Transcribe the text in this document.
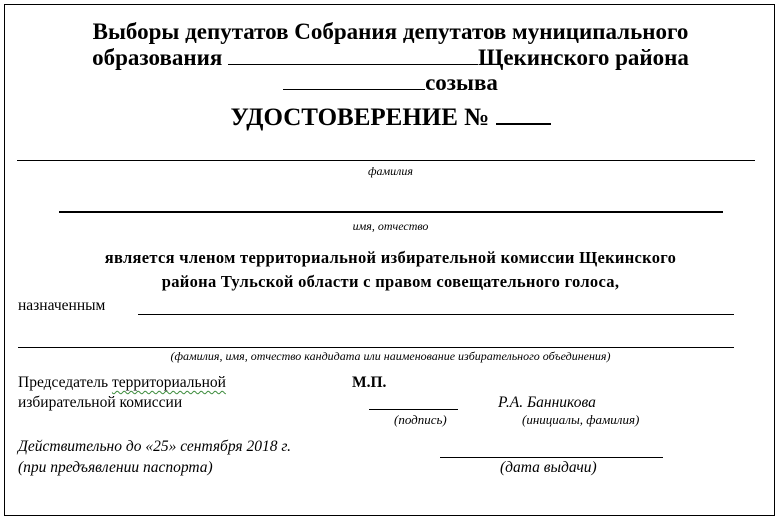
Выборы депутатов Собрания депутатов муниципального
образования	Щекинского района
созыва
УДОСТОВЕРЕНИЕ №
фамилия
имя, отчество
является членом территориальной избирательной комиссии Щекинского
района Тульской области с правом совещательного голоса,
назначенным
(фамилия, имя, отчество кандидата или наименование избирательного объединения)
Председатель территориальной
избирательной комиссии
М.П.
Р.А. Банникова
(подпись)	(инициалы, фамилия)
Действительно до «25» сентября 2018 г.
(при предъявлении паспорта)	(дата выдачи)
